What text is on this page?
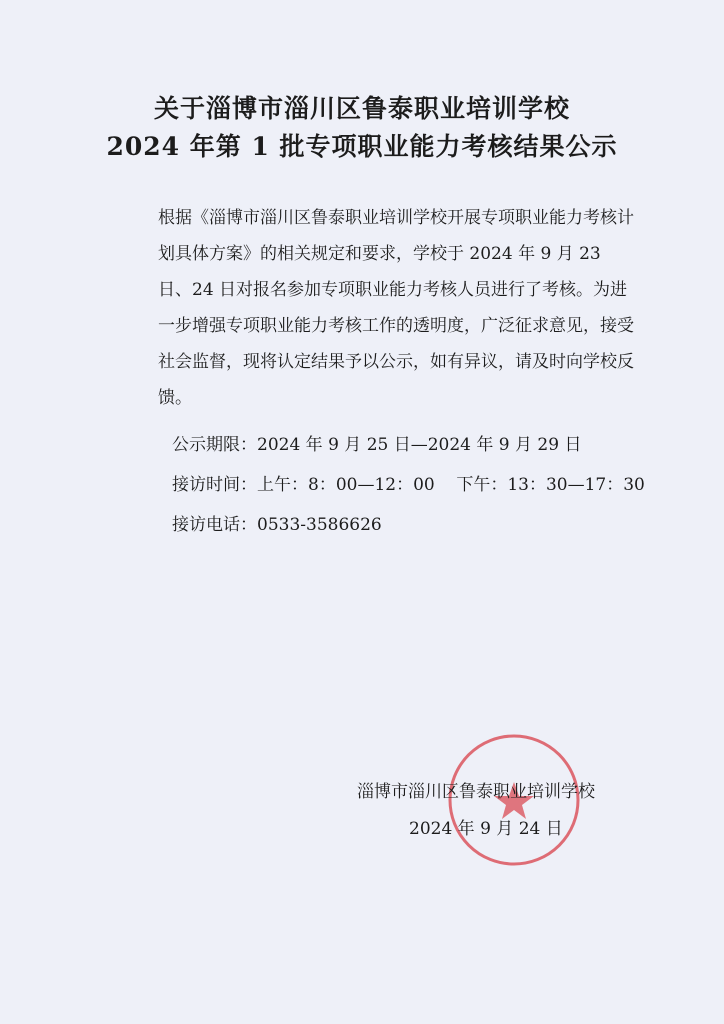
关于淄博市淄川区鲁泰职业培训学校
2024 年第 1 批专项职业能力考核结果公示
根据《淄博市淄川区鲁泰职业培训学校开展专项职业能力考核计划具体方案》的相关规定和要求，学校于 2024 年 9 月 23 日、24 日对报名参加专项职业能力考核人员进行了考核。为进一步增强专项职业能力考核工作的透明度，广泛征求意见，接受社会监督，现将认定结果予以公示，如有异议，请及时向学校反馈。
公示期限：2024 年 9 月 25 日—2024 年 9 月 29 日
接访时间：上午：8：00—12：00    下午：13：30—17：30
接访电话：0533-3586626
淄博市淄川区鲁泰职业培训学校
2024 年 9 月 24 日
